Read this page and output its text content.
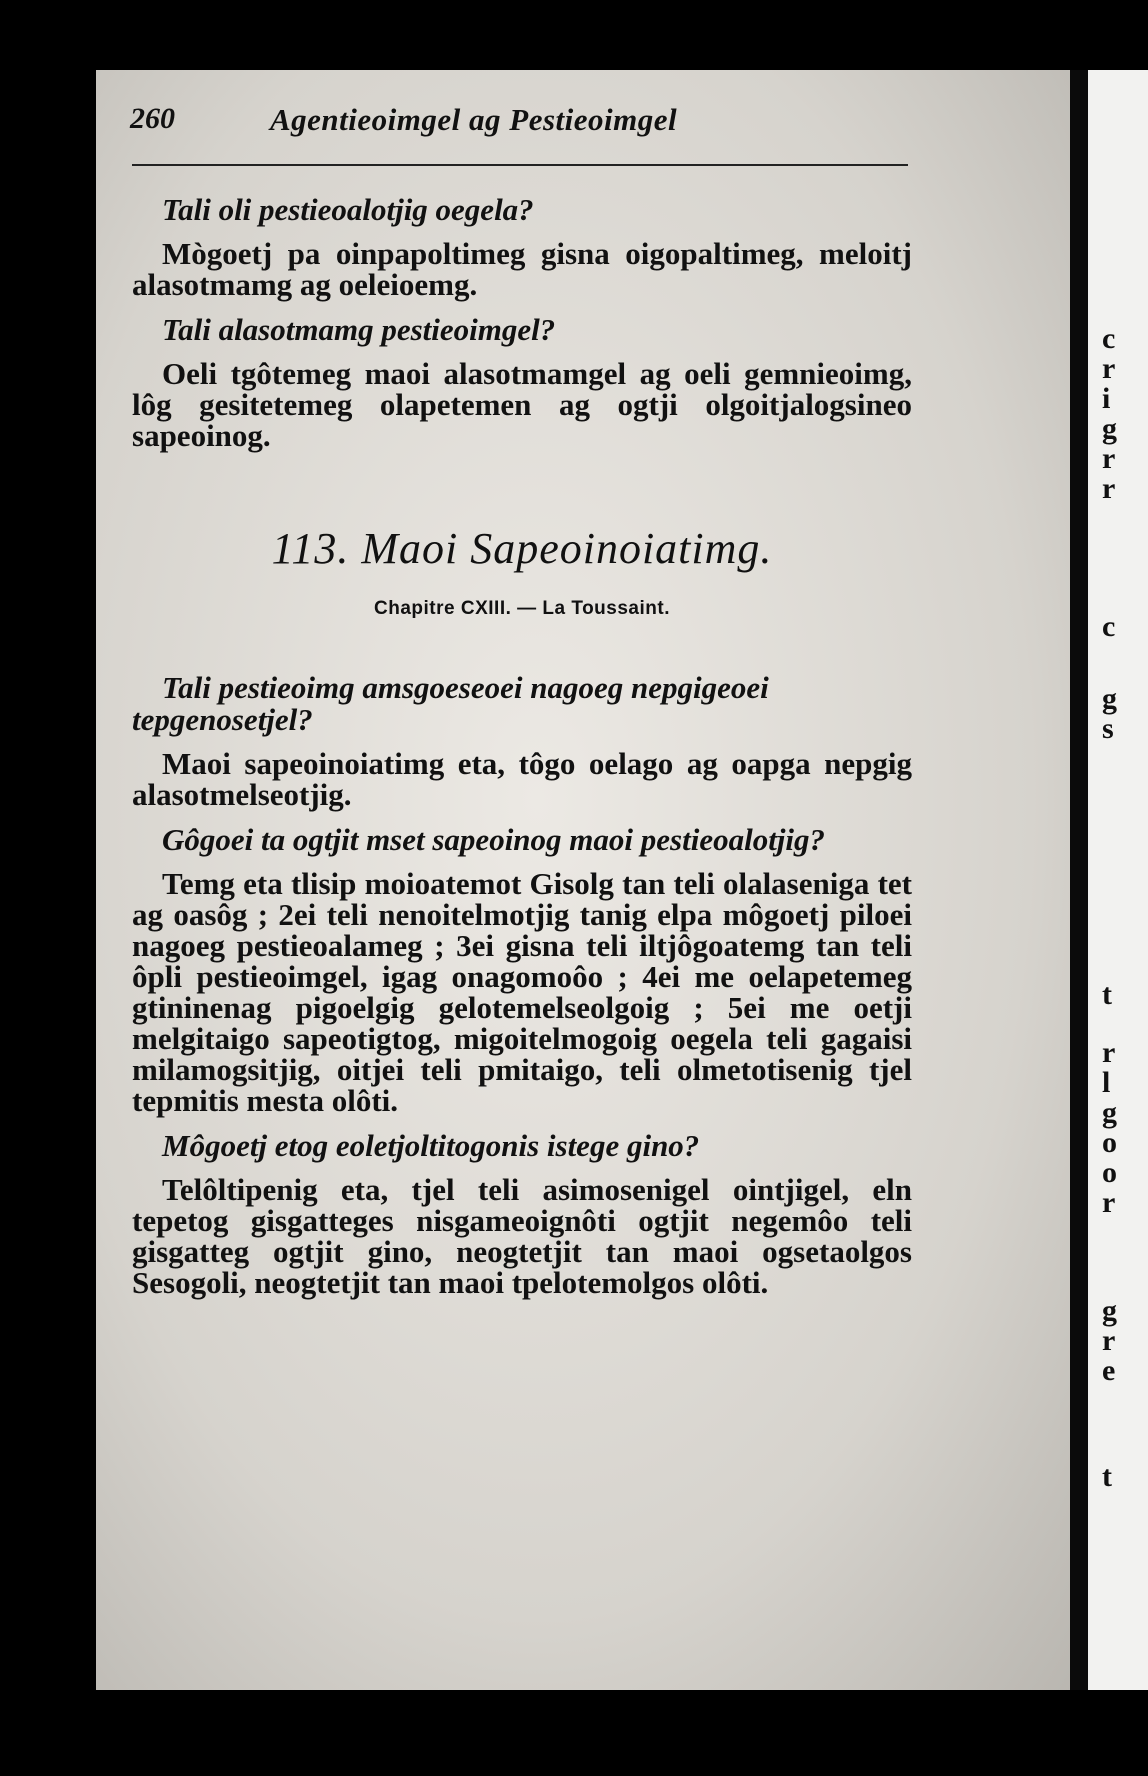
c
r
i
g
r
r
c
g
s
t
r
l
g
o
o
r
g
r
e
t
260	Agentieoimgel ag Pestieoimgel

Tali oli pestieoalotjig oegela?

Mògoetj pa oinpapoltimeg gisna oigopaltimeg, meloitj alasotmamg ag oeleioemg.

Tali alasotmamg pestieoimgel?

Oeli tgôtemeg maoi alasotmamgel ag oeli gemnieoimg, lôg gesitetemeg olapetemen ag ogtji olgoitjalogsineo sapeoinog.

113. Maoi Sapeoinoiatimg.
Chapitre CXIII. — La Toussaint.

Tali pestieoimg amsgoeseoei nagoeg nepgigeoei tepgenosetjel?

Maoi sapeoinoiatimg eta, tôgo oelago ag oapga nepgig alasotmelseotjig.

Gôgoei ta ogtjit mset sapeoinog maoi pestieoalotjig?

Temg eta tlisip moioatemot Gisolg tan teli olalaseniga tet ag oasôg ; 2ei teli nenoitelmotjig tanig elpa môgoetj piloei nagoeg pestieoalameg ; 3ei gisna teli iltjôgoatemg tan teli ôpli pestieoimgel, igag onagomoôo ; 4ei me oelapetemeg gtininenag pigoelgig gelotemelseolgoig ; 5ei me oetji melgitaigo sapeotigtog, migoitelmogoig oegela teli gagaisi milamogsitjig, oitjei teli pmitaigo, teli olmetotisenig tjel tepmitis mesta olôti.

Môgoetj etog eoletjoltitogonis istege gino?

Telôltipenig eta, tjel teli asimosenigel ointjigel, eln tepetog gisgatteges nisgameoignôti ogtjit negemôo teli gisgatteg ogtjit gino, neogtetjit tan maoi ogsetaolgos Sesogoli, neogtetjit tan maoi tpelotemolgos olôti.
